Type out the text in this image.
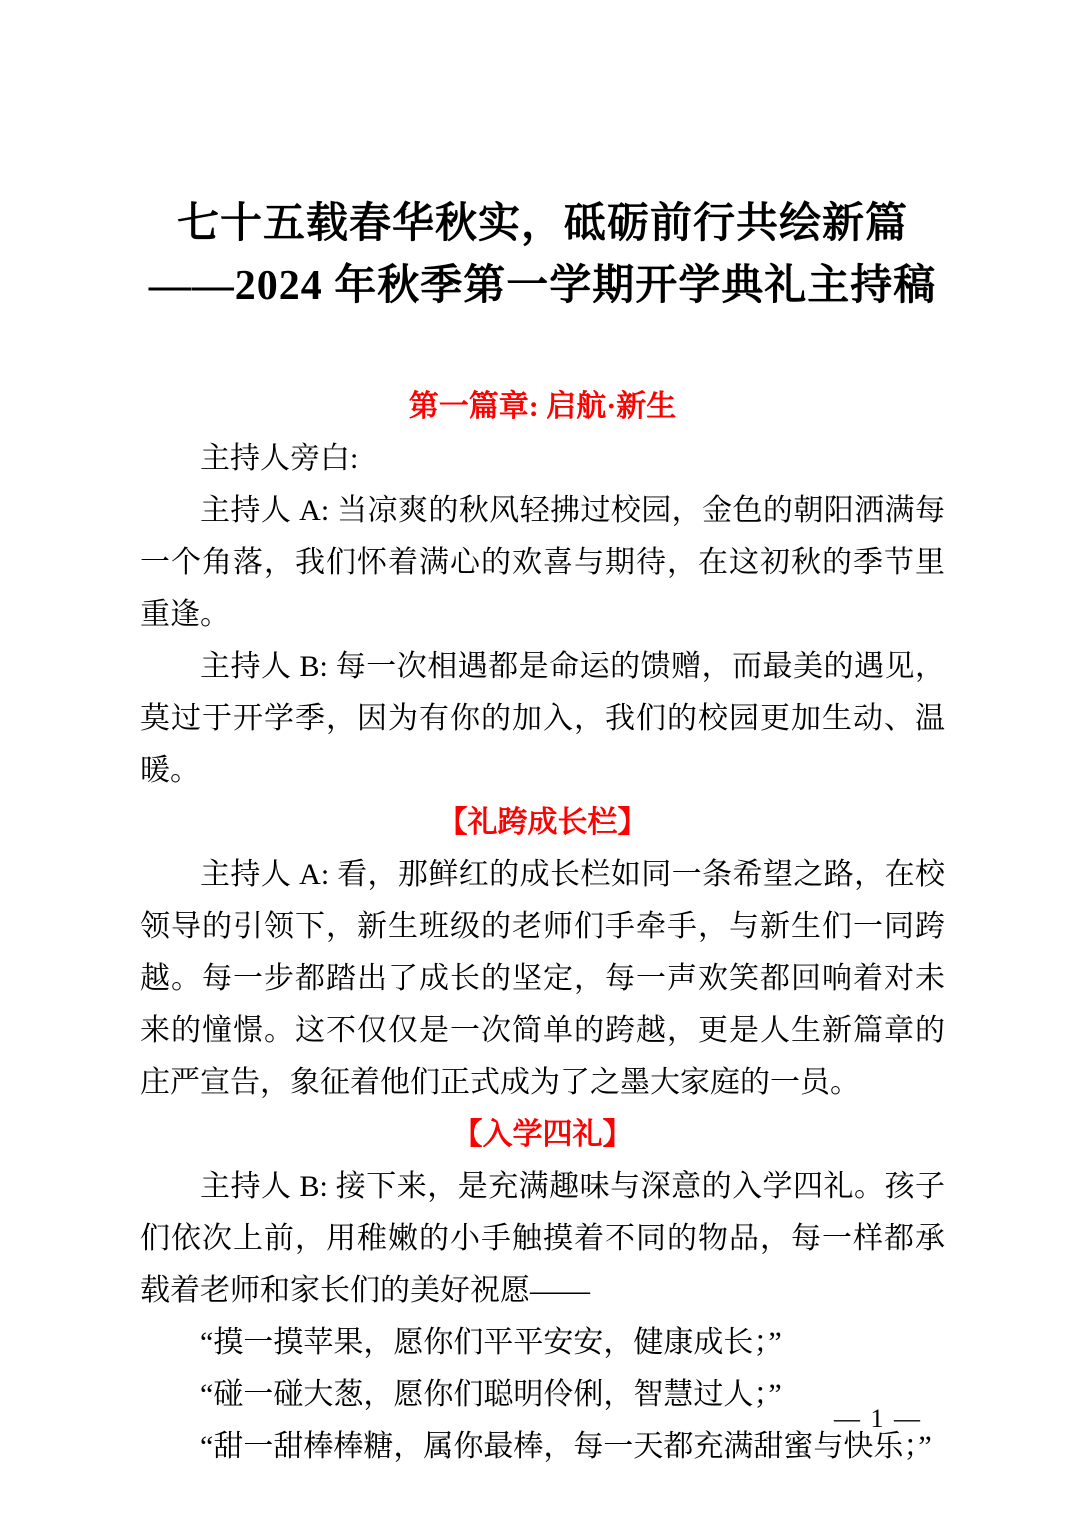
七十五载春华秋实，砥砺前行共绘新篇
——2024 年秋季第一学期开学典礼主持稿
第一篇章: 启航·新生

主持人旁白:

主持人 A: 当凉爽的秋风轻拂过校园，金色的朝阳洒满每一个角落，我们怀着满心的欢喜与期待，在这初秋的季节里重逢。

主持人 B: 每一次相遇都是命运的馈赠，而最美的遇见，莫过于开学季，因为有你的加入，我们的校园更加生动、温暖。

【礼跨成长栏】

主持人 A: 看，那鲜红的成长栏如同一条希望之路，在校领导的引领下，新生班级的老师们手牵手，与新生们一同跨越。每一步都踏出了成长的坚定，每一声欢笑都回响着对未来的憧憬。这不仅仅是一次简单的跨越，更是人生新篇章的庄严宣告，象征着他们正式成为了之墨大家庭的一员。

【入学四礼】

主持人 B: 接下来，是充满趣味与深意的入学四礼。孩子们依次上前，用稚嫩的小手触摸着不同的物品，每一样都承载着老师和家长们的美好祝愿——

“摸一摸苹果，愿你们平平安安，健康成长；”

“碰一碰大葱，愿你们聪明伶俐，智慧过人；”

“甜一甜棒棒糖，属你最棒，每一天都充满甜蜜与快乐；”

— 1 —
